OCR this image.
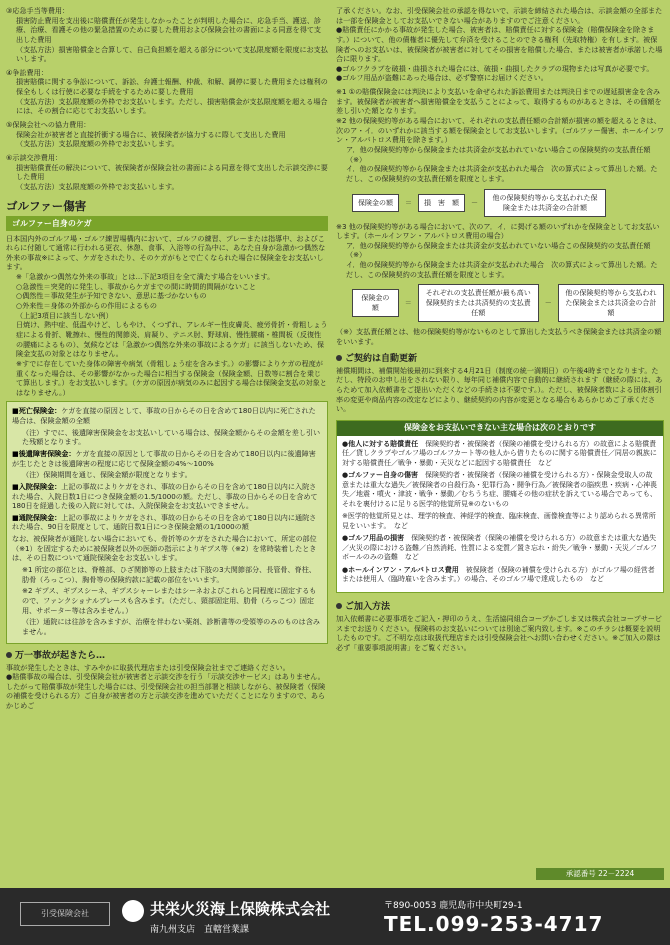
③応急手当等費用：

損害防止費用を支出後に賠償責任が発生しなかったことが判明した場合に、応急手当、護送、診療、治療、看護その他の緊急措置のために要した費用および保険会社の書面による同意を得て支出した費用

（支払方法）損害賠償金と合算して、自己負担額を超える部分について支払限度額を限度にお支払いします。

④争訟費用：

損害賠償に関する争訟について、訴訟、弁護士報酬、仲裁、和解、調停に要した費用または権利の保全もしくは行使に必要な手続をするために要した費用

（支払方法）支払限度額の外枠でお支払いします。ただし、損害賠償金が支払限度額を超える場合には、その割合に応じてお支払いします。

⑤保険会社への協力費用：

保険会社が被害者と直接折衝する場合に、被保険者が協力するに際して支出した費用

（支払方法）支払限度額の外枠でお支払いします。

⑥示談交渉費用：

損害賠償責任の解決について、被保険者が保険会社の書面による同意を得て支出した示談交渉に要した費用

（支払方法）支払限度額の外枠でお支払いします。

ゴルファー傷害
ゴルファー自身のケガ

日本国内外のゴルフ場・ゴルフ練習場構内において、ゴルフの練習、プレーまたは指導中、およびこれらに付随して通常に行われる更衣、休憩、食事、入浴等の行為中に、あなた自身が急激かつ偶然な外来の事故※によって、ケガをされたり、そのケガがもとで亡くなられた場合に保険金をお支払いします。

※「急激かつ偶然な外来の事故」とは…下記3項目を全て満たす場合をいいます。

○急激性＝突発的に発生し、事故からケガまでの間に時間的間隔がないこと

○偶然性＝事故発生が予知できない、意思に基づかないもの

○外来性＝身体の外部からの作用によるもの

（上記3項目に該当しない例）

日焼け、熱中症、低温やけど、しもやけ、くつずれ、アレルギー性皮膚炎、疲労骨折・骨粗しょう症による骨折、靴擦れ、慢性的関節炎、肩凝り、テニス肘、野球肩、慢性腰痛・椎間板（反復性の腰痛によるもの）、気候などは「急激かつ偶然な外来の事故によるケガ」に該当しないため、保険金支払の対象とはなりません。

※すでに存在していた身体の障害や病気（骨粗しょう症を含みます。）の影響によりケガの程度が重くなった場合は、その影響がなかった場合に相当する保険金（保険金額、日数等に割合を乗じて算出します。）をお支払いします。（ケガの原因が病気のみに起因する場合は保険金支払の対象とはなりません。）

■死亡保険金：ケガを直接の原因として、事故の日からその日を含めて180日以内に死亡された場合は、保険金額の全額

（注）すでに、後遺障害保険金をお支払いしている場合は、保険金額からその金額を差し引いた残額となります。

■後遺障害保険金：ケガを直接の原因として事故の日からその日を含めて180日以内に後遺障害が生じたときは後遺障害の程度に応じて保険金額の4%〜100%

（注）保険期間を通じ、保険金額が限度となります。

■入院保険金：上記の事故によりケガをされ、事故の日からその日を含めて180日以内に入院された場合、入院日数1日につき保険金額の1.5/1000の額。ただし、事故の日からその日を含めて180日を経過した後の入院に対しては、入院保険金をお支払いできません。

■通院保険金：上記の事故によりケガをされ、事故の日からその日を含めて180日以内に通院された場合、90日を限度として、通院日数1日につき保険金額の1/1000の額

なお、被保険者が通院しない場合においても、骨折等のケガをされた場合において、所定の部位（※1）を固定するために被保険者以外の医師の指示によりギプス等（※2）を常時装着したときは、その日数について通院保険金をお支払いします。

※1 所定の部位とは、脊椎部、ひざ関節等の上肢または下肢の3大関節部分、長管骨、脊柱、肋骨（ろっこつ）、胸骨等の保険約款に記載の部位をいいます。

※2 ギプス、ギプスシーネ、ギプスシャーレまたはシーネおよびこれらと同程度に固定するもので、ファンクショナルブレースも含みます。（ただし、頸部固定用、肋骨（ろっこつ）固定用、サポーター等は含みません。）

（注）通院には往診を含みますが、治療を伴わない薬剤、診断書等の受領等のみのものは含みません。

万一事故が起きたら…

事故が発生したときは、すみやかに取扱代理店または引受保険会社までご連絡ください。

●賠償事故の場合は、引受保険会社が被害者と示談交渉を行う「示談交渉サービス」はありません。したがって賠償事故が発生した場合には、引受保険会社の担当部署と相談しながら、被保険者（保険の補償を受けられる方）ご自身が被害者の方と示談交渉を進めていただくことになりますので、あらかじめご

了承ください。なお、引受保険会社の承認を得ないで、示談を締結された場合は、示談金額の全部または一部を保険金としてお支払いできない場合がありますのでご注意ください。

●賠償責任にかかる事故が発生した場合、被害者は、賠償責任に対する保険金（賠償保険金を除きます。）について、他の債権者に優先して弁済を受けることのできる権利（先取特権）を有します。被保険者へのお支払いは、被保険者が被害者に対してその損害を賠償した場合、または被害者が承諾した場合に限ります。

●ゴルフクラブを破損・曲損された場合には、破損・曲損したクラブの現物または写真が必要です。

●ゴルフ用品が盗難にあった場合は、必ず警察にお届けください。

※1 ①の賠償保険金には判決により支払いを命ぜられた訴訟費用または判決日までの遅延損害金を含みます。被保険者が被害者へ損害賠償金を支払うことによって、取得するものがあるときは、その価額を差し引いた額となります。

※2 他の保険契約等がある場合において、それぞれの支払責任額の合計額が損害の額を超えるときは、次のア・イ．のいずれかに該当する額を保険金としてお支払いします。（ゴルファー傷害、ホールインワン・アルバトロス費用を除きます。）

ア．他の保険契約等から保険金または共済金が支払われていない場合この保険契約の支払責任額（※）

イ．他の保険契約等から保険金または共済金が支払われた場合　次の算式によって算出した額。ただし、この保険契約の支払責任額を限度とします。

保険金の額	＝	損　害　額	－
他の保険契約等から支払われた保険金または共済金の合計額

※3 他の保険契約等がある場合において、次のア．イ．に掲げる額のいずれかを保険金としてお支払いします。（ホールインワン・アルバトロス費用の場合）

ア．他の保険契約等から保険金または共済金が支払われていない場合この保険契約の支払責任額（※）

イ．他の保険契約等から保険金または共済金が支払われた場合　次の算式によって算出した額。ただし、この保険契約の支払責任額を限度とします。

保険金の額
＝
それぞれの支払責任額が最も高い保険契約または共済契約の支払責任額
－
他の保険契約等から支払われた保険金または共済金の合計額

（※）支払責任額とは、他の保険契約等がないものとして算出した支払うべき保険金または共済金の額をいいます。

ご契約は自動更新

補償期間は、補償開始後最初に到来する4月21日（制度の統一満期日）の午後4時までとなります。ただし、特段のお申し出をされない限り、毎年同じ補償内容で自動的に継続されます（継続の際には、あらためて加入依頼書をご提出いただくなどの手続きは不要です。）。ただし、被保険者数による団体割引率の変更や商品内容の改定などにより、継続契約の内容が変更となる場合もあらかじめご了承ください。

保険金をお支払いできない主な場合は次のとおりです

●他人に対する賠償責任　 保険契約者・被保険者（保険の補償を受けられる方）の故意による賠償責任／貸しクラブやゴルフ場のゴルフカート等の他人から借りたものに関する賠償責任／同居の親族に対する賠償責任／戦争・暴動・天災などに起因する賠償責任　など

●ゴルファー自身の傷害　 保険契約者・被保険者（保険の補償を受けられる方）・保険金受取人の故意または重大な過失／被保険者の自殺行為・犯罪行為・闘争行為／被保険者の脳疾患・疾病・心神喪失／地震・噴火・津波・戦争・暴動／むちうち症、腰痛その他の症状を訴えている場合であっても、それを裏付けるに足りる医学的他覚所見※のないもの

※医学的他覚所見とは、理学的検査、神経学的検査、臨床検査、画像検査等により認められる異常所見をいいます。　など

●ゴルフ用品の損害　 保険契約者・被保険者（保険の補償を受けられる方）の故意または重大な過失／火災の際における盗難／自然消耗、性質による変質／置き忘れ・紛失／戦争・暴動・天災／ゴルフボールのみの盗難　など

●ホールインワン・アルバトロス費用　 被保険者（保険の補償を受けられる方）がゴルフ場の経営者または使用人（臨時雇いを含みます。）の場合、そのゴルフ場で達成したもの　など

ご加入方法

加入依頼書に必要事項をご記入・押印のうえ、生活協同組合コープかごしま又は株式会社コープサービスまでお送りください。保険料のお支払いについては別途ご案内致します。※このチラシは概要を説明したものです。ご不明な点は取扱代理店または引受保険会社へお問い合わせください。※ご加入の際は必ず「重要事項説明書」をご覧ください。

承認番号 22－2224
引受保険会社	共栄火災海上保険株式会社
南九州支店　直轄営業課
〒890-0053 鹿児島市中央町29-1
TEL.099-253-4717
